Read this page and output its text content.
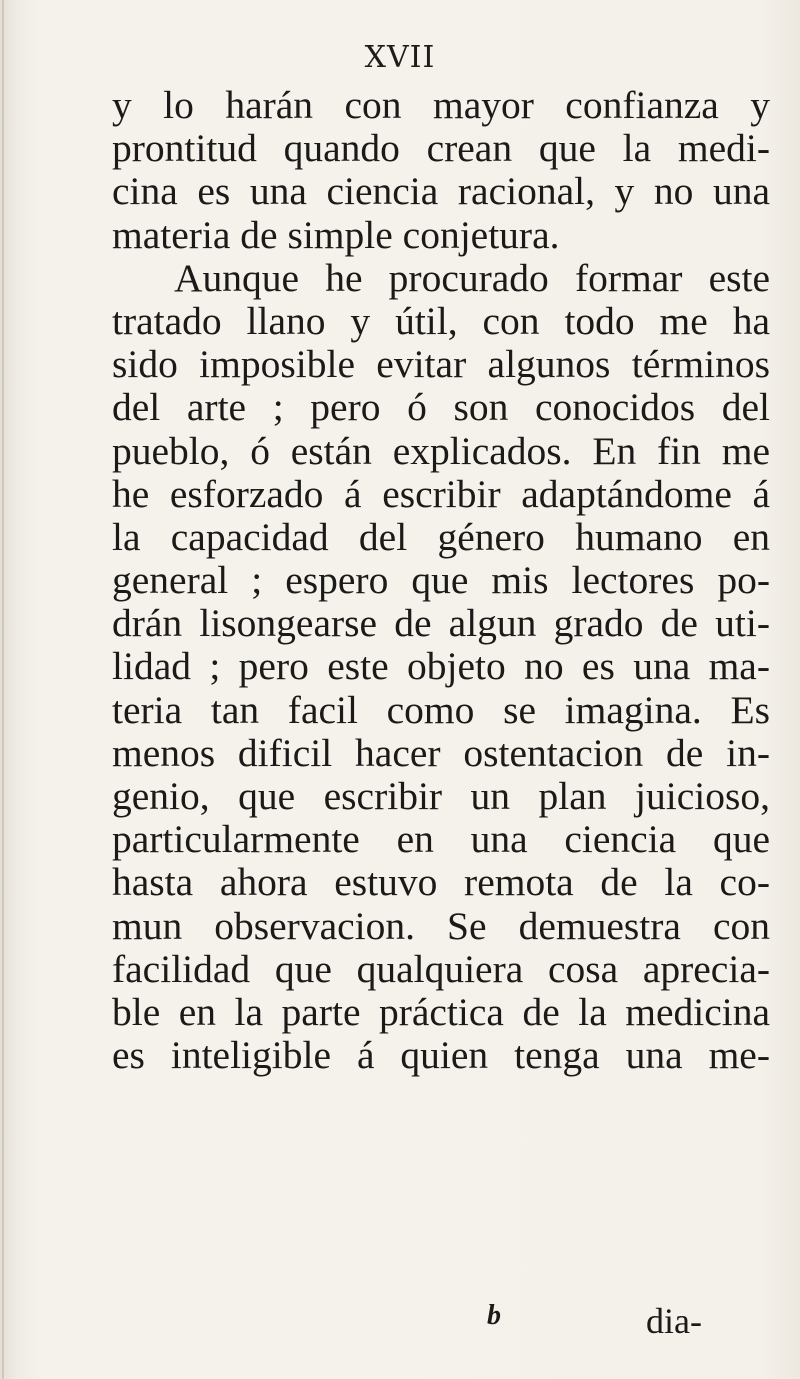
XVII
y lo harán con mayor confianza y
prontitud quando crean que la medi-
cina es una ciencia racional, y no una
materia de simple conjetura.
Aunque he procurado formar este
tratado llano y útil, con todo me ha
sido imposible evitar algunos términos
del arte ; pero ó son conocidos del
pueblo, ó están explicados. En fin me
he esforzado á escribir adaptándome á
la capacidad del género humano en
general ; espero que mis lectores po-
drán lisongearse de algun grado de uti-
lidad ; pero este objeto no es una ma-
teria tan facil como se imagina. Es
menos dificil hacer ostentacion de in-
genio, que escribir un plan juicioso,
particularmente en una ciencia que
hasta ahora estuvo remota de la co-
mun observacion. Se demuestra con
facilidad que qualquiera cosa apreciа-
ble en la parte práctica de la medicina
es inteligible á quien tenga una me-
b	dia-
